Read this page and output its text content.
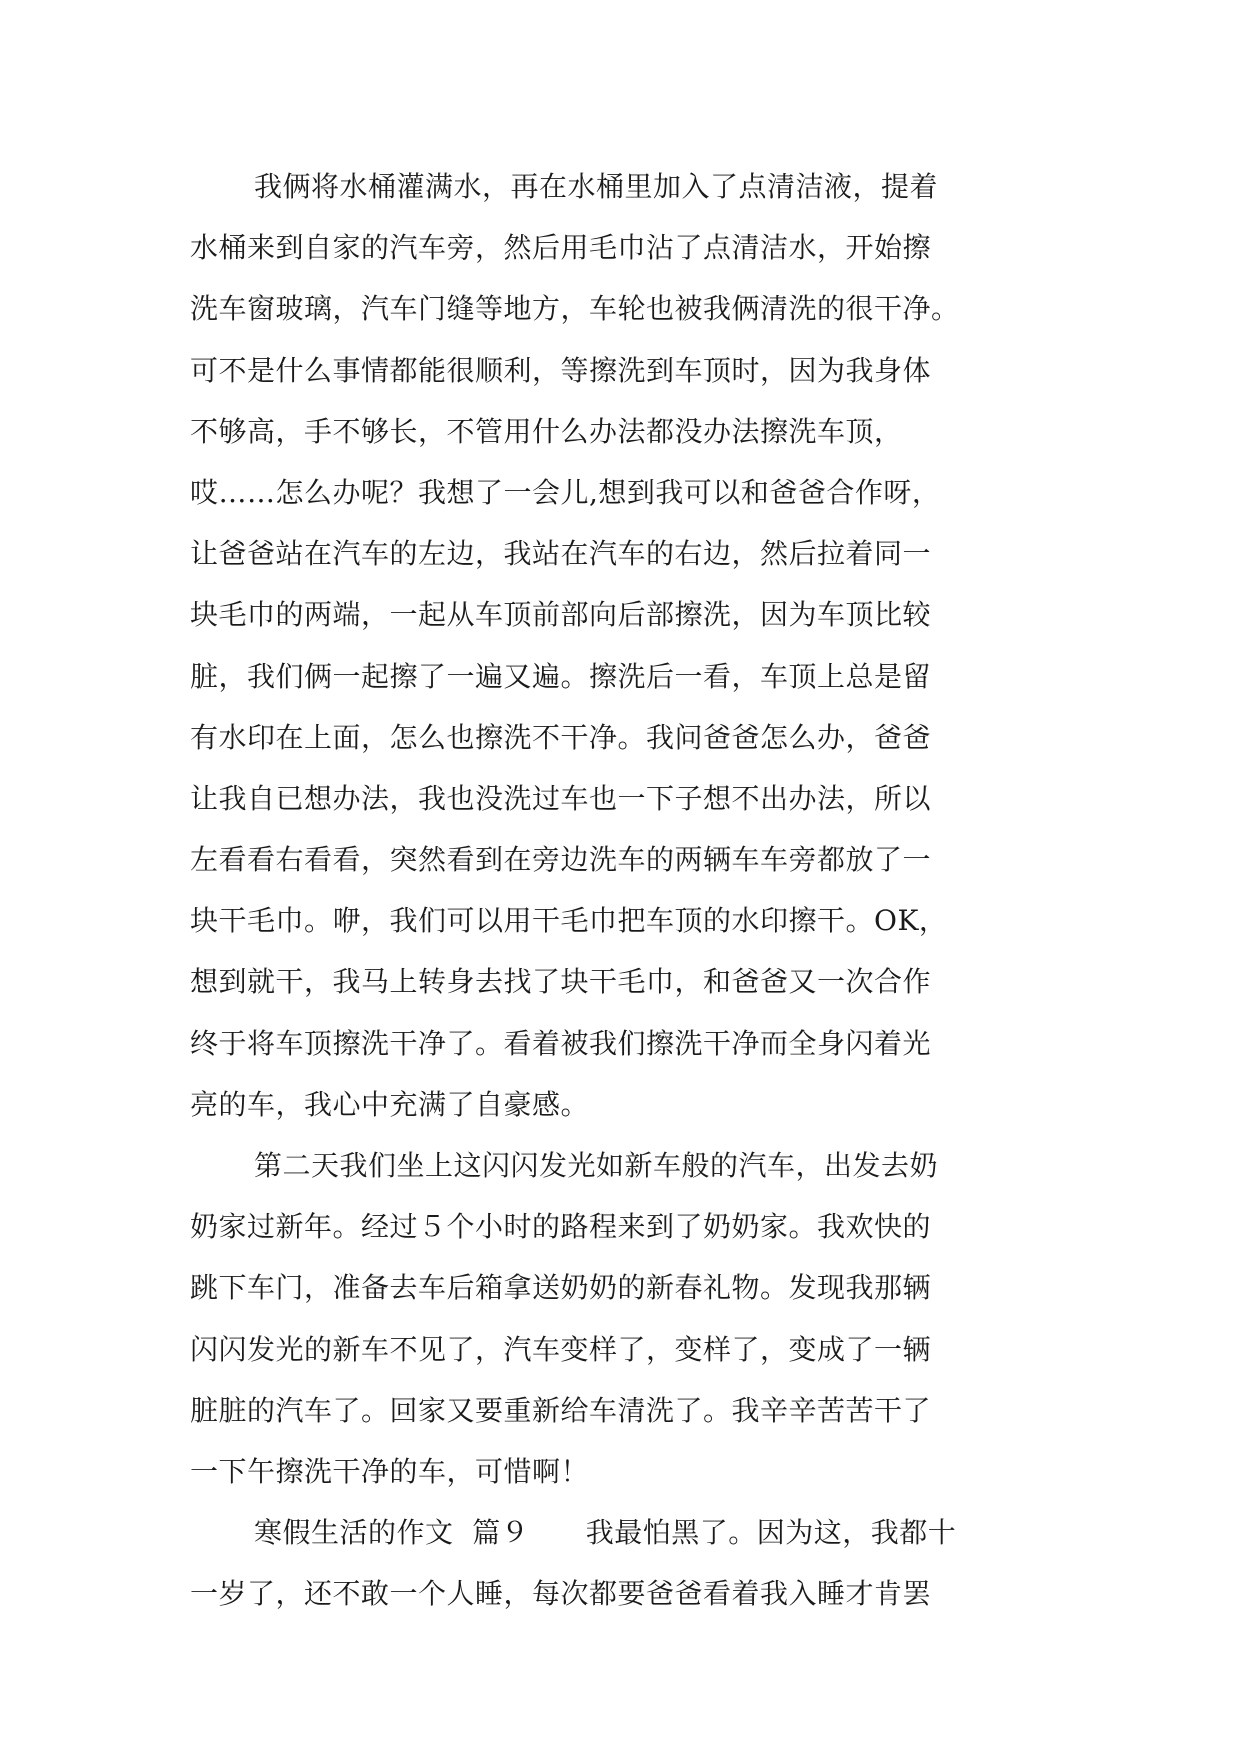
我俩将水桶灌满水，再在水桶里加入了点清洁液，提着
水桶来到自家的汽车旁，然后用毛巾沾了点清洁水，开始擦
洗车窗玻璃，汽车门缝等地方，车轮也被我俩清洗的很干净。
可不是什么事情都能很顺利，等擦洗到车顶时，因为我身体
不够高，手不够长，不管用什么办法都没办法擦洗车顶，
哎……怎么办呢？我想了一会儿,想到我可以和爸爸合作呀，
让爸爸站在汽车的左边，我站在汽车的右边，然后拉着同一
块毛巾的两端，一起从车顶前部向后部擦洗，因为车顶比较
脏，我们俩一起擦了一遍又遍。擦洗后一看，车顶上总是留
有水印在上面，怎么也擦洗不干净。我问爸爸怎么办，爸爸
让我自已想办法，我也没洗过车也一下子想不出办法，所以
左看看右看看，突然看到在旁边洗车的两辆车车旁都放了一
块干毛巾。咿，我们可以用干毛巾把车顶的水印擦干。OK，
想到就干，我马上转身去找了块干毛巾，和爸爸又一次合作
终于将车顶擦洗干净了。看着被我们擦洗干净而全身闪着光
亮的车，我心中充满了自豪感。
第二天我们坐上这闪闪发光如新车般的汽车，出发去奶
奶家过新年。经过５个小时的路程来到了奶奶家。我欢快的
跳下车门，准备去车后箱拿送奶奶的新春礼物。发现我那辆
闪闪发光的新车不见了，汽车变样了，变样了，变成了一辆
脏脏的汽车了。回家又要重新给车清洗了。我辛辛苦苦干了
一下午擦洗干净的车，可惜啊！
寒假生活的作文  篇９      我最怕黑了。因为这，我都十
一岁了，还不敢一个人睡，每次都要爸爸看着我入睡才肯罢
